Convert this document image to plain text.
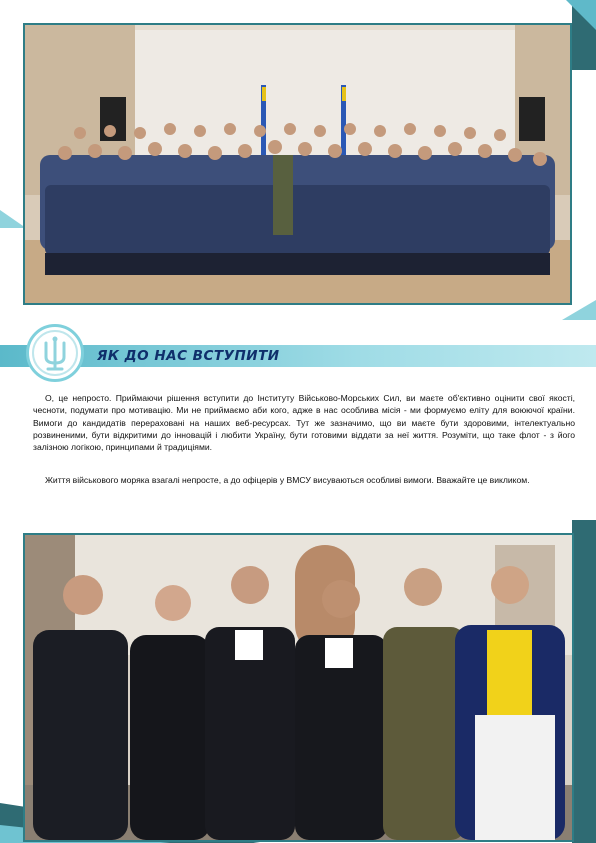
ЯК ДО НАС ВСТУПИТИ

О, це непросто. Приймаючи рішення вступити до Інституту Військово-Морських Сил, ви маєте об'єктивно оцінити свої якості, чесноти, подумати про мотивацію. Ми не приймаємо аби кого, адже в нас особлива місія - ми формуємо еліту для воюючої країни. Вимоги до кандидатів перераховані на наших веб-ресурсах. Тут же зазначимо, що ви маєте бути здоровими, інтелектуально розвиненими, бути відкритими до інновацій і любити Україну, бути готовими віддати за неї життя. Розуміти, що таке флот - з його залізною логікою, принципами й традиціями.

Життя військового моряка взагалі непросте, а до офіцерів у ВМСУ висуваються особливі вимоги. Вважайте це викликом.
